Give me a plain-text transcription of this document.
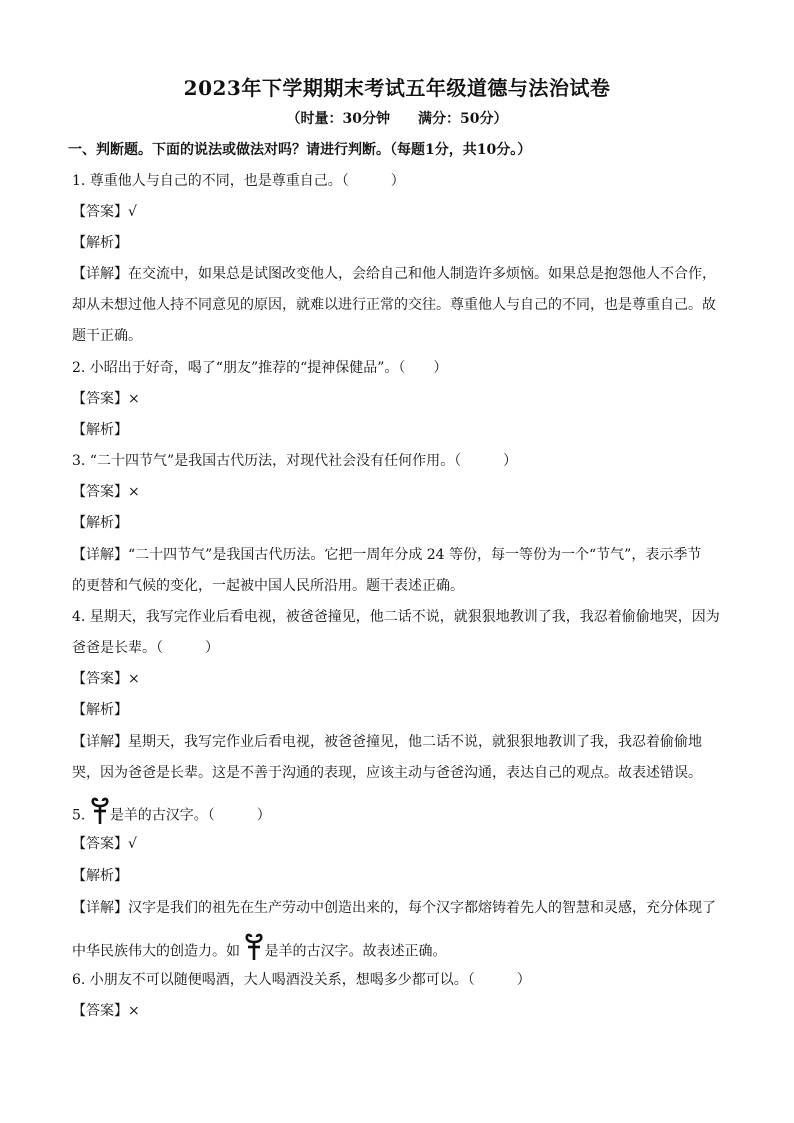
2023年下学期期末考试五年级道德与法治试卷
（时量：30分钟　　满分：50分）
一、判断题。下面的说法或做法对吗？请进行判断。（每题1分，共10分。）
1. 尊重他人与自己的不同，也是尊重自己。（　　　）
【答案】√
【解析】
【详解】在交流中，如果总是试图改变他人，会给自己和他人制造许多烦恼。如果总是抱怨他人不合作，
却从未想过他人持不同意见的原因，就难以进行正常的交往。尊重他人与自己的不同，也是尊重自己。故
题干正确。
2. 小昭出于好奇，喝了“朋友”推荐的“提神保健品”。（　　）
【答案】×
【解析】
3. “二十四节气”是我国古代历法，对现代社会没有任何作用。（　　　）
【答案】×
【解析】
【详解】“二十四节气”是我国古代历法。它把一周年分成 24 等份，每一等份为一个“节气”，表示季节
的更替和气候的变化，一起被中国人民所沿用。题干表述正确。
4. 星期天，我写完作业后看电视，被爸爸撞见，他二话不说，就狠狠地教训了我，我忍着偷偷地哭，因为
爸爸是长辈。（　　　）
【答案】×
【解析】
【详解】星期天，我写完作业后看电视，被爸爸撞见，他二话不说，就狠狠地教训了我，我忍着偷偷地
哭，因为爸爸是长辈。这是不善于沟通的表现，应该主动与爸爸沟通，表达自己的观点。故表述错误。
5. 是羊的古汉字。（　　　）
【答案】√
【解析】
【详解】汉字是我们的祖先在生产劳动中创造出来的，每个汉字都熔铸着先人的智慧和灵感，充分体现了
中华民族伟大的创造力。如 是羊的古汉字。故表述正确。
6. 小朋友不可以随便喝酒，大人喝酒没关系，想喝多少都可以。（　　　）
【答案】×
